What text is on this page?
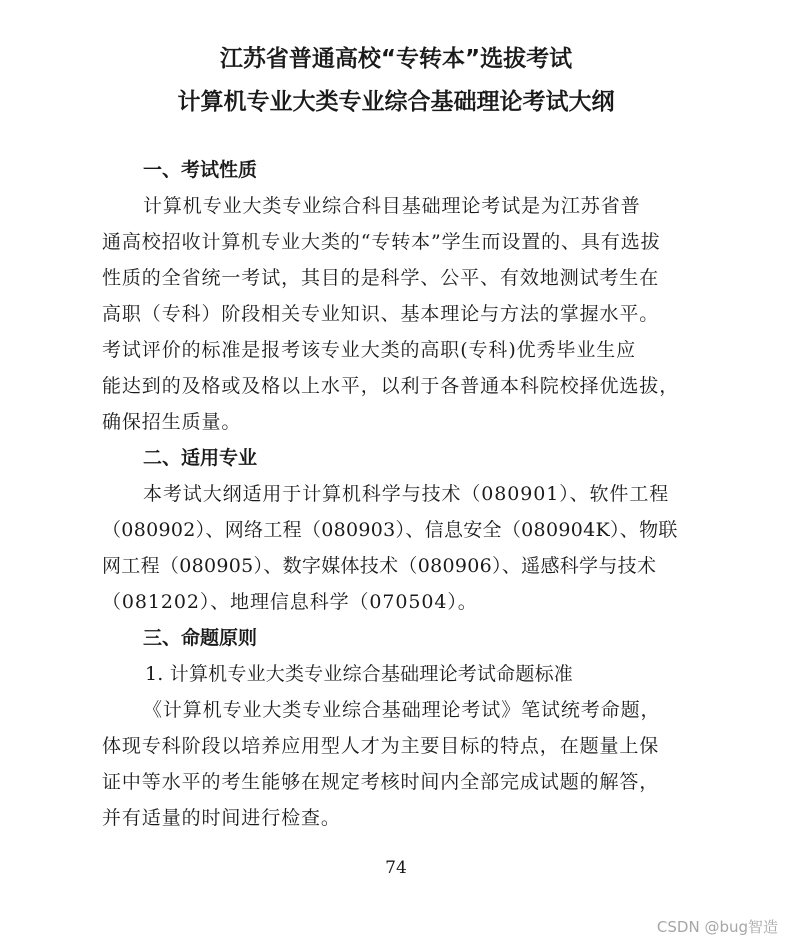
江苏省普通高校“专转本”选拔考试
计算机专业大类专业综合基础理论考试大纲
一、考试性质
计算机专业大类专业综合科目基础理论考试是为江苏省普
通高校招收计算机专业大类的“专转本”学生而设置的、具有选拔
性质的全省统一考试，其目的是科学、公平、有效地测试考生在
高职（专科）阶段相关专业知识、基本理论与方法的掌握水平。
考试评价的标准是报考该专业大类的高职(专科)优秀毕业生应
能达到的及格或及格以上水平，以利于各普通本科院校择优选拔，
确保招生质量。
二、适用专业
本考试大纲适用于计算机科学与技术（080901）、软件工程
（080902）、网络工程（080903）、信息安全（080904K）、物联
网工程（080905）、数字媒体技术（080906）、遥感科学与技术
（081202）、地理信息科学（070504）。
三、命题原则
1. 计算机专业大类专业综合基础理论考试命题标准
《计算机专业大类专业综合基础理论考试》笔试统考命题，
体现专科阶段以培养应用型人才为主要目标的特点，在题量上保
证中等水平的考生能够在规定考核时间内全部完成试题的解答，
并有适量的时间进行检查。
74
CSDN @bug智造
